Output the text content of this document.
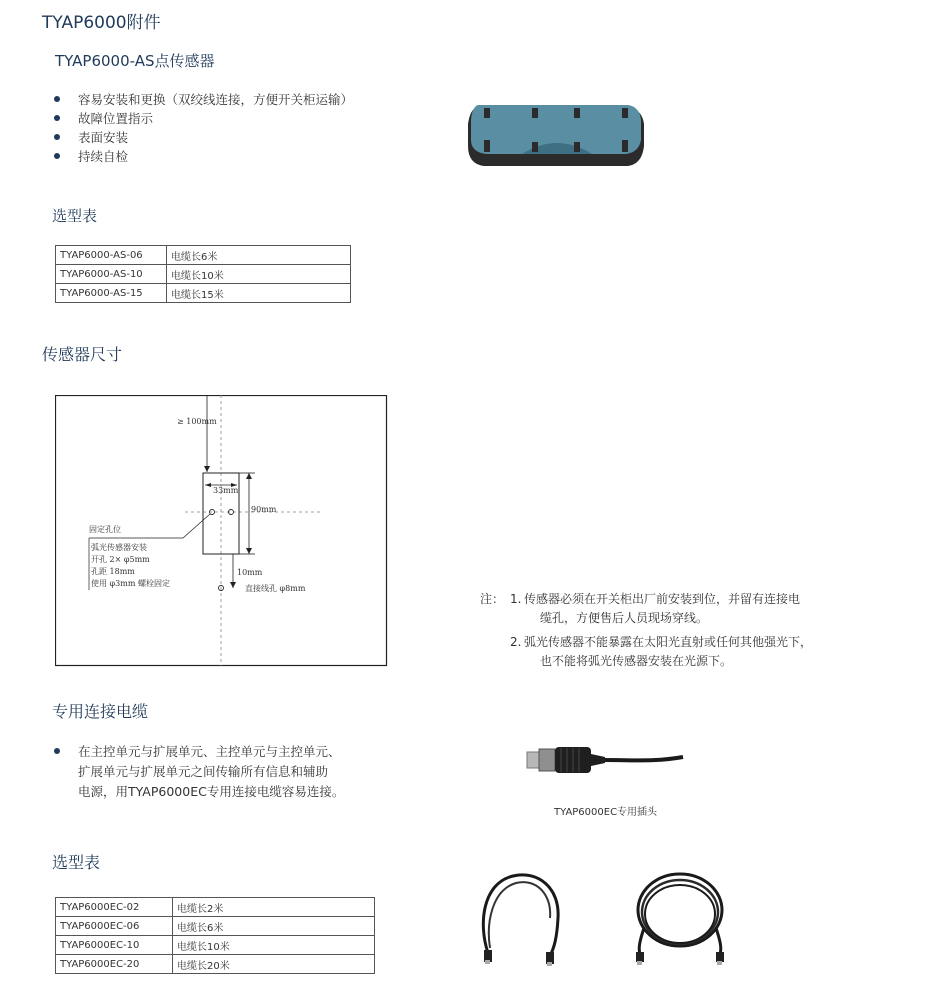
TYAP6000附件
TYAP6000-AS点传感器
容易安装和更换（双绞线连接，方便开关柜运输）
故障位置指示
表面安装
持续自检
选型表
TYAP6000-AS-06	电缆长6米
TYAP6000-AS-10	电缆长10米
TYAP6000-AS-15	电缆长15米
传感器尺寸
≥ 100mm
33mm
90mm
固定孔位
弧光传感器安装
开孔 2× φ5mm
孔距 18mm
使用 φ3mm 螺栓固定
10mm
直接线孔 φ8mm
注： 1. 传感器必须在开关柜出厂前安装到位，并留有连接电
缆孔，方便售后人员现场穿线。
2. 弧光传感器不能暴露在太阳光直射或任何其他强光下，
也不能将弧光传感器安装在光源下。
专用连接电缆
在主控单元与扩展单元、主控单元与主控单元、
扩展单元与扩展单元之间传输所有信息和辅助
电源，用TYAP6000EC专用连接电缆容易连接。
TYAP6000EC专用插头
选型表
TYAP6000EC-02	电缆长2米
TYAP6000EC-06	电缆长6米
TYAP6000EC-10	电缆长10米
TYAP6000EC-20	电缆长20米
